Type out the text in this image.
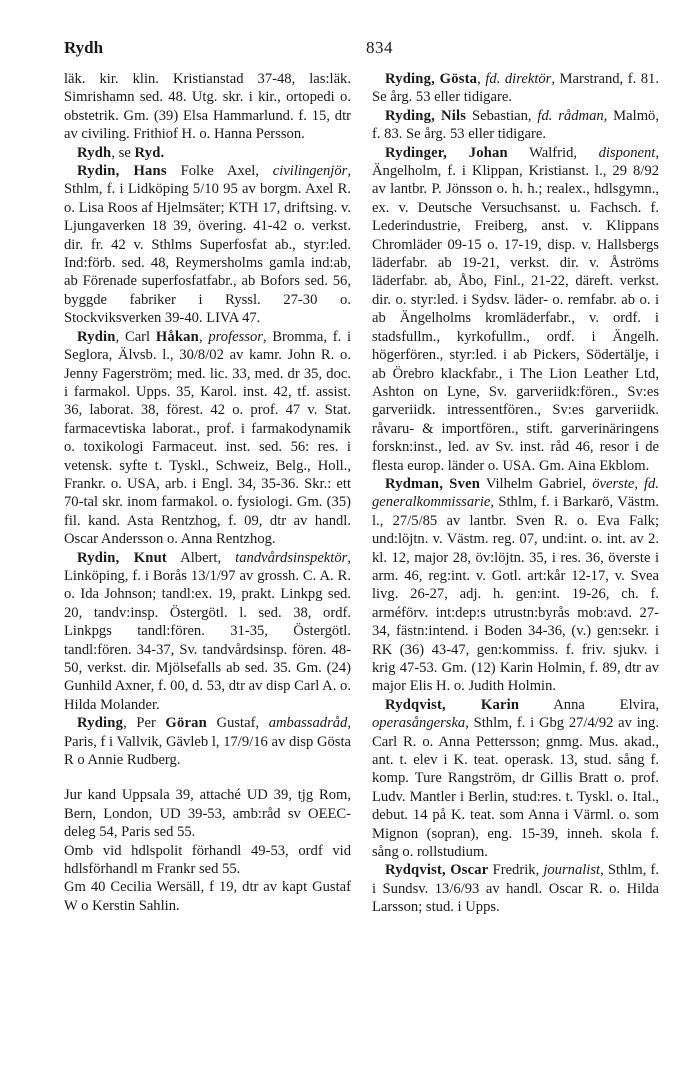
Rydh	834

läk. kir. klin. Kristianstad 37-48, las:läk. Simrishamn sed. 48. Utg. skr. i kir., ortopedi o. obstetrik. Gm. (39) Elsa Hammarlund. f. 15, dtr av civiling. Frithiof H. o. Hanna Persson.

Rydh, se Ryd.

Rydin, Hans Folke Axel, civilingenjör, Sthlm, f. i Lidköping 5/10 95 av borgm. Axel R. o. Lisa Roos af Hjelmsäter; KTH 17, driftsing. v. Ljungaverken 18 39, övering. 41-42 o. verkst. dir. fr. 42 v. Sthlms Superfosfat ab., styr:led. Ind:förb. sed. 48, Reymersholms gamla ind:ab, ab Förenade superfosfatfabr., ab Bofors sed. 56, byggde fabriker i Ryssl. 27-30 o. Stockviksverken 39-40. LIVA 47.

Rydin, Carl Håkan, professor, Bromma, f. i Seglora, Älvsb. l., 30/8/02 av kamr. John R. o. Jenny Fagerström; med. lic. 33, med. dr 35, doc. i farmakol. Upps. 35, Karol. inst. 42, tf. assist. 36, laborat. 38, förest. 42 o. prof. 47 v. Stat. farmacevtiska laborat., prof. i farmakodynamik o. toxikologi Farmaceut. inst. sed. 56: res. i vetensk. syfte t. Tyskl., Schweiz, Belg., Holl., Frankr. o. USA, arb. i Engl. 34, 35-36. Skr.: ett 70-tal skr. inom farmakol. o. fysiologi. Gm. (35) fil. kand. Asta Rentzhog, f. 09, dtr av handl. Oscar Andersson o. Anna Rentzhog.

Rydin, Knut Albert, tandvårdsinspektör, Linköping, f. i Borås 13/1/97 av grossh. C. A. R. o. Ida Johnson; tandl:ex. 19, prakt. Linkpg sed. 20, tandv:insp. Östergötl. l. sed. 38, ordf. Linkpgs tandl:fören. 31-35, Östergötl. tandl:fören. 34-37, Sv. tandvårdsinsp. fören. 48-50, verkst. dir. Mjölsefalls ab sed. 35. Gm. (24) Gunhild Axner, f. 00, d. 53, dtr av disp Carl A. o. Hilda Molander.

Ryding, Per Göran Gustaf, ambassadråd, Paris, f i Vallvik, Gävleb l, 17/9/16 av disp Gösta R o Annie Rudberg.

Jur kand Uppsala 39, attaché UD 39, tjg Rom, Bern, London, UD 39-53, amb:råd sv OEEC-deleg 54, Paris sed 55.

Omb vid hdlspolit förhandl 49-53, ordf vid hdlsförhandl m Frankr sed 55.

Gm 40 Cecilia Wersäll, f 19, dtr av kapt Gustaf W o Kerstin Sahlin.

Ryding, Gösta, fd. direktör, Marstrand, f. 81. Se årg. 53 eller tidigare.

Ryding, Nils Sebastian, fd. rådman, Malmö, f. 83. Se årg. 53 eller tidigare.

Rydinger, Johan Walfrid, disponent, Ängelholm, f. i Klippan, Kristianst. l., 29 8/92 av lantbr. P. Jönsson o. h. h.; realex., hdlsgymn., ex. v. Deutsche Versuchsanst. u. Fachsch. f. Lederindustrie, Freiberg, anst. v. Klippans Chromläder 09-15 o. 17-19, disp. v. Hallsbergs läderfabr. ab 19-21, verkst. dir. v. Åströms läderfabr. ab, Åbo, Finl., 21-22, däreft. verkst. dir. o. styr:led. i Sydsv. läder- o. remfabr. ab o. i ab Ängelholms kromläderfabr., v. ordf. i stadsfullm., kyrkofullm., ordf. i Ängelh. högerfören., styr:led. i ab Pickers, Södertälje, i ab Örebro klackfabr., i The Lion Leather Ltd, Ashton on Lyne, Sv. garveriidk:fören., Sv:es garveriidk. intressentfören., Sv:es garveriidk. råvaru- & importfören., stift. garverinäringens forskn:inst., led. av Sv. inst. råd 46, resor i de flesta europ. länder o. USA. Gm. Aina Ekblom.

Rydman, Sven Vilhelm Gabriel, överste, fd. generalkommissarie, Sthlm, f. i Barkarö, Västm. l., 27/5/85 av lantbr. Sven R. o. Eva Falk; und:löjtn. v. Västm. reg. 07, und:int. o. int. av 2. kl. 12, major 28, öv:löjtn. 35, i res. 36, överste i arm. 46, reg:int. v. Gotl. art:kår 12-17, v. Svea livg. 26-27, adj. h. gen:int. 19-26, ch. f. arméförv. int:dep:s utrustn:byrås mob:avd. 27-34, fästn:intend. i Boden 34-36, (v.) gen:sekr. i RK (36) 43-47, gen:kommiss. f. friv. sjukv. i krig 47-53. Gm. (12) Karin Holmin, f. 89, dtr av major Elis H. o. Judith Holmin.

Rydqvist, Karin Anna Elvira, operasångerska, Sthlm, f. i Gbg 27/4/92 av ing. Carl R. o. Anna Pettersson; gnmg. Mus. akad., ant. t. elev i K. teat. operask. 13, stud. sång f. komp. Ture Rangström, dr Gillis Bratt o. prof. Ludv. Mantler i Berlin, stud:res. t. Tyskl. o. Ital., debut. 14 på K. teat. som Anna i Värml. o. som Mignon (sopran), eng. 15-39, inneh. skola f. sång o. rollstudium.

Rydqvist, Oscar Fredrik, journalist, Sthlm, f. i Sundsv. 13/6/93 av handl. Oscar R. o. Hilda Larsson; stud. i Upps.
